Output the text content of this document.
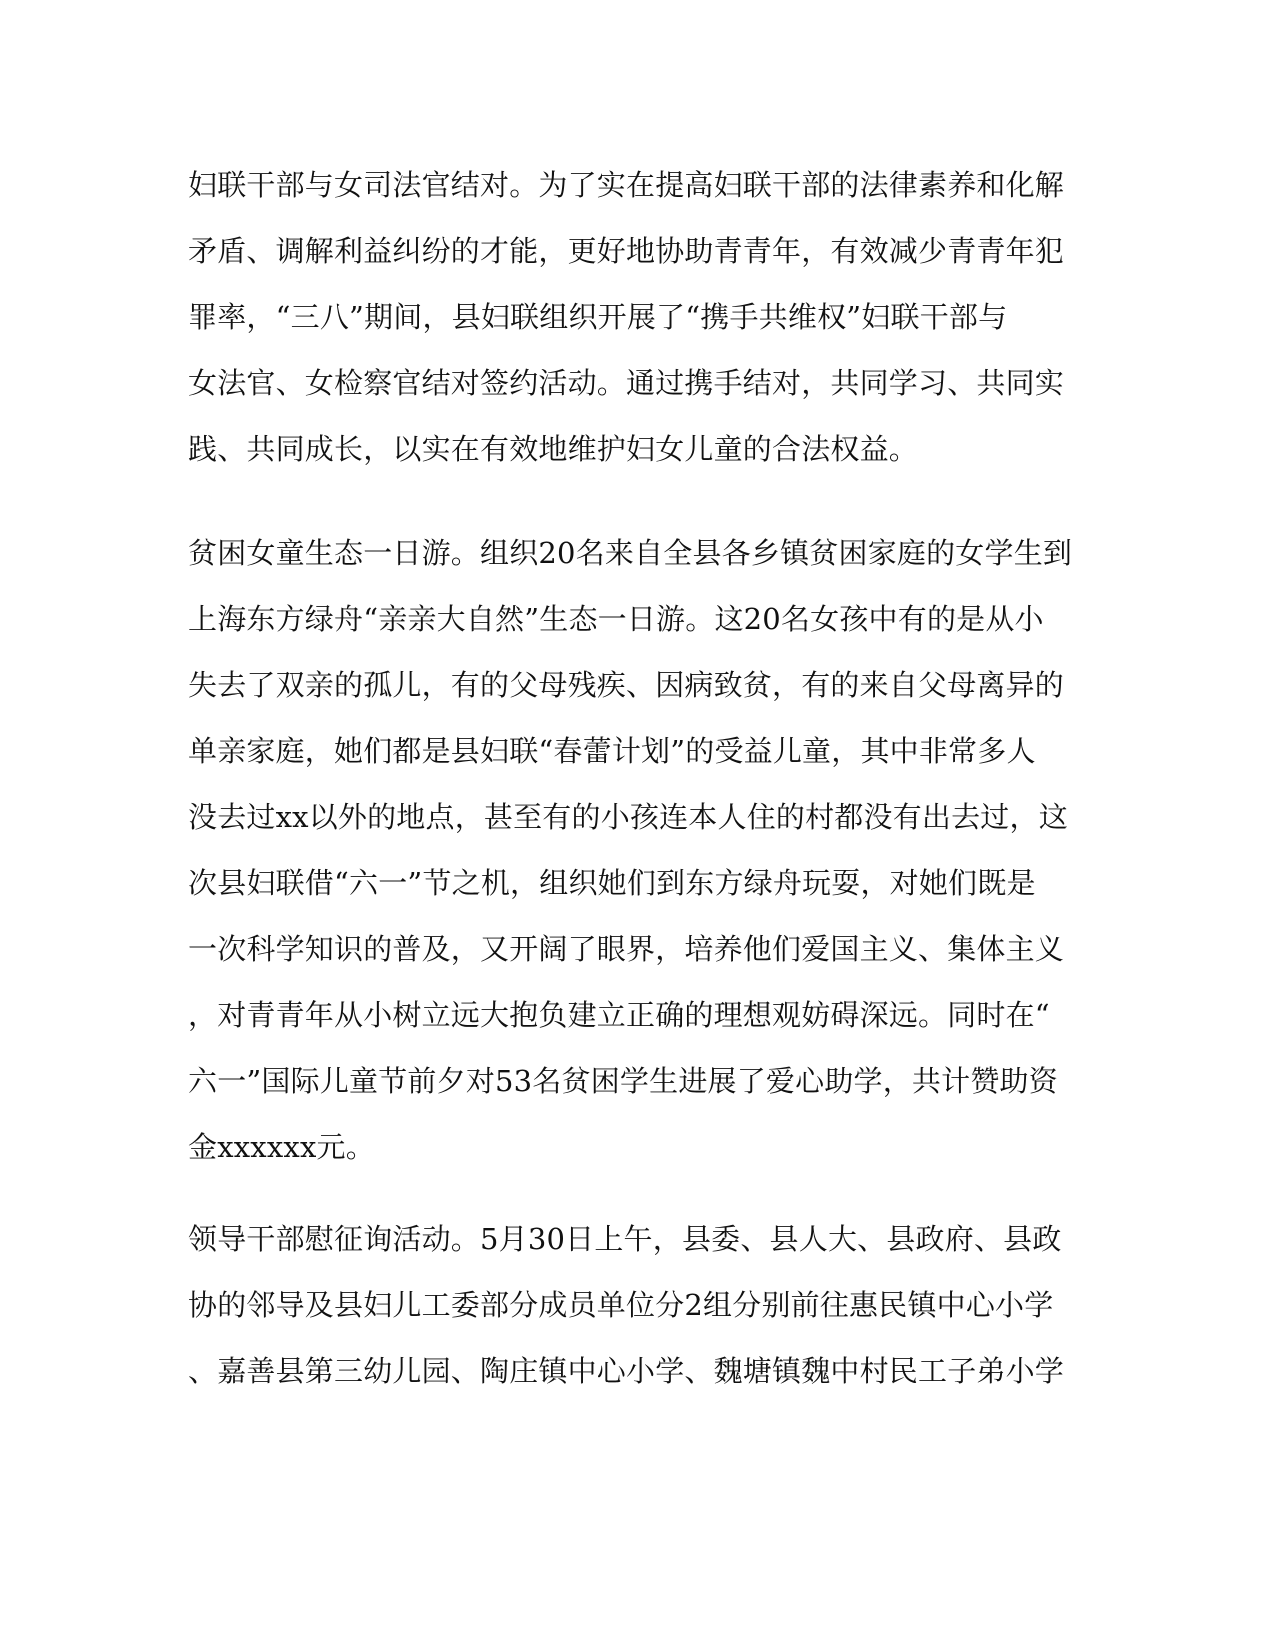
妇联干部与女司法官结对。为了实在提高妇联干部的法律素养和化解
矛盾、调解利益纠纷的才能，更好地协助青青年，有效减少青青年犯
罪率，“三八”期间，县妇联组织开展了“携手共维权”妇联干部与
女法官、女检察官结对签约活动。通过携手结对，共同学习、共同实
践、共同成长，以实在有效地维护妇女儿童的合法权益。
贫困女童生态一日游。组织20名来自全县各乡镇贫困家庭的女学生到
上海东方绿舟“亲亲大自然”生态一日游。这20名女孩中有的是从小
失去了双亲的孤儿，有的父母残疾、因病致贫，有的来自父母离异的
单亲家庭，她们都是县妇联“春蕾计划”的受益儿童，其中非常多人
没去过xx以外的地点，甚至有的小孩连本人住的村都没有出去过，这
次县妇联借“六一”节之机，组织她们到东方绿舟玩耍，对她们既是
一次科学知识的普及，又开阔了眼界，培养他们爱国主义、集体主义
，对青青年从小树立远大抱负建立正确的理想观妨碍深远。同时在“
六一”国际儿童节前夕对53名贫困学生进展了爱心助学，共计赞助资
金xxxxxx元。
领导干部慰征询活动。5月30日上午，县委、县人大、县政府、县政
协的邻导及县妇儿工委部分成员单位分2组分别前往惠民镇中心小学
、嘉善县第三幼儿园、陶庄镇中心小学、魏塘镇魏中村民工子弟小学
